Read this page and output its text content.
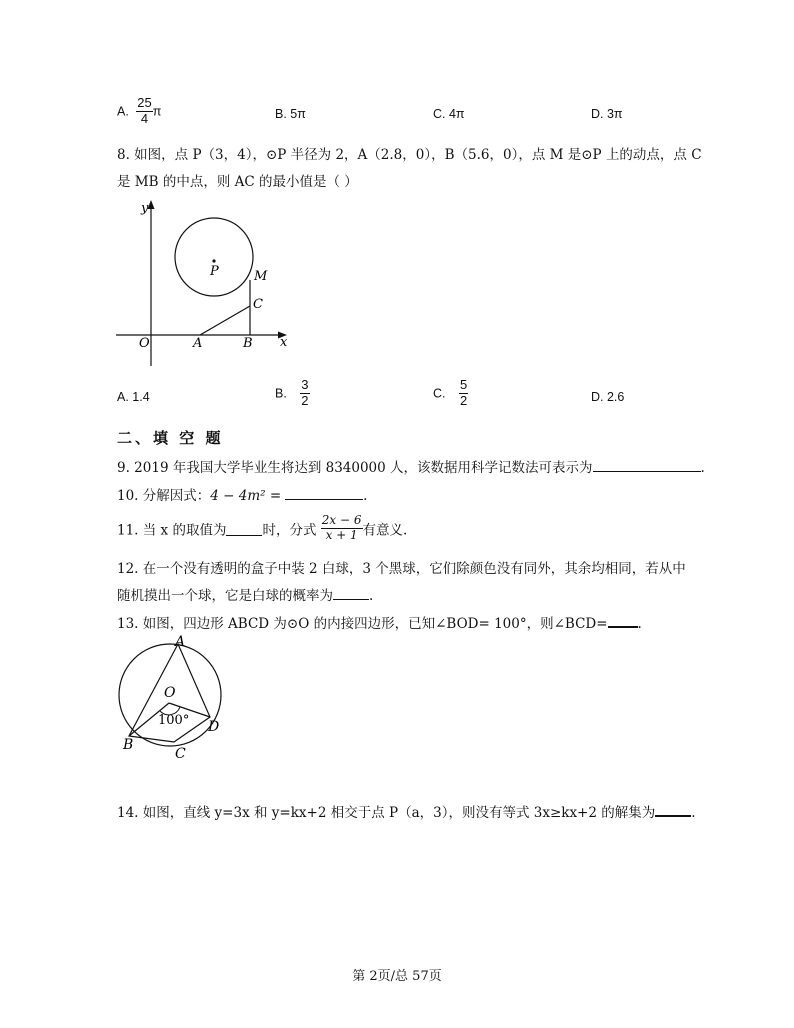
A. $\frac{25}{4}$ π	B. 5π	C. 4π	D. 3π
8. 如图，点 P（3，4），⊙P 半径为 2，A（2.8，0），B（5.6，0），点 M 是⊙P 上的动点，点 C
是 MB 的中点，则 AC 的最小值是（ ）
y
x
O	A	B
P	M
C
A. 1.4	B. $\frac{3}{2}$	C. $\frac{5}{2}$	D. 2.6
二、填 空 题
9. 2019 年我国大学毕业生将达到 8340000 人，该数据用科学记数法可表示为	.
10. 分解因式：4 − 4m² =	.
11. 当 x 的取值为	时，分式 $\frac{2x - 6}{x + 1}$ 有意义.
12. 在一个没有透明的盒子中装 2 白球，3 个黑球，它们除颜色没有同外，其余均相同，若从中
随机摸出一个球，它是白球的概率为	.
13. 如图，四边形 ABCD 为⊙O 的内接四边形，已知∠BOD= 100°，则∠BCD= .
A
O
100° D
B
C
14. 如图，直线 y=3x 和 y=kx+2 相交于点 P（a，3），则没有等式 3x≥kx+2 的解集为	.
第 2页/总 57页
